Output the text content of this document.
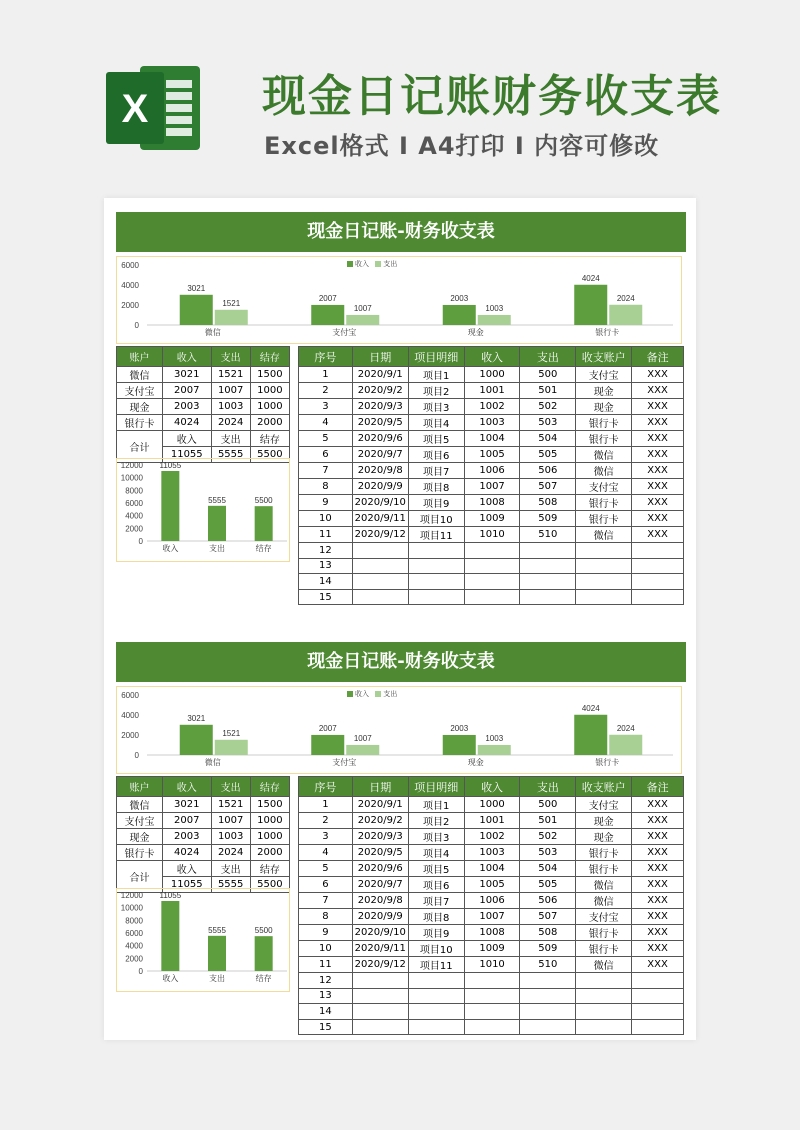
X	现金日记账财务收支表
Excel格式 Ⅰ A4打印 Ⅰ 内容可修改
现金日记账-财务收支表
收入 支出
0
2000
4000
6000
3021
1521
微信
2007
1007
支付宝
2003
1003
现金
4024
2024
银行卡
账户	收入	支出	结存
微信	3021	1521	1500
支付宝	2007	1007	1000
现金	2003	1003	1000
银行卡	4024	2024	2000
合计	收入	支出	结存
	11055	5555	5500
0
2000
4000
6000
8000
10000
12000 11055
收入
5555
支出
5500
结存
序号	日期	项目明细	收入	支出	收支账户	备注
1	2020/9/1	项目1	1000	500	支付宝	XXX
2	2020/9/2	项目2	1001	501	现金	XXX
3	2020/9/3	项目3	1002	502	现金	XXX
4	2020/9/5	项目4	1003	503	银行卡	XXX
5	2020/9/6	项目5	1004	504	银行卡	XXX
6	2020/9/7	项目6	1005	505	微信	XXX
7	2020/9/8	项目7	1006	506	微信	XXX
8	2020/9/9	项目8	1007	507	支付宝	XXX
9	2020/9/10	项目9	1008	508	银行卡	XXX
10	2020/9/11	项目10	1009	509	银行卡	XXX
11	2020/9/12	项目11	1010	510	微信	XXX
12						
13						
14						
15						
现金日记账-财务收支表
收入 支出
0
2000
4000
6000
3021
1521
微信
2007
1007
支付宝
2003
1003
现金
4024
2024
银行卡
账户	收入	支出	结存
微信	3021	1521	1500
支付宝	2007	1007	1000
现金	2003	1003	1000
银行卡	4024	2024	2000
合计	收入	支出	结存
	11055	5555	5500
0
2000
4000
6000
8000
10000
12000 11055
收入
5555
支出
5500
结存
序号	日期	项目明细	收入	支出	收支账户	备注
1	2020/9/1	项目1	1000	500	支付宝	XXX
2	2020/9/2	项目2	1001	501	现金	XXX
3	2020/9/3	项目3	1002	502	现金	XXX
4	2020/9/5	项目4	1003	503	银行卡	XXX
5	2020/9/6	项目5	1004	504	银行卡	XXX
6	2020/9/7	项目6	1005	505	微信	XXX
7	2020/9/8	项目7	1006	506	微信	XXX
8	2020/9/9	项目8	1007	507	支付宝	XXX
9	2020/9/10	项目9	1008	508	银行卡	XXX
10	2020/9/11	项目10	1009	509	银行卡	XXX
11	2020/9/12	项目11	1010	510	微信	XXX
12						
13						
14						
15						
